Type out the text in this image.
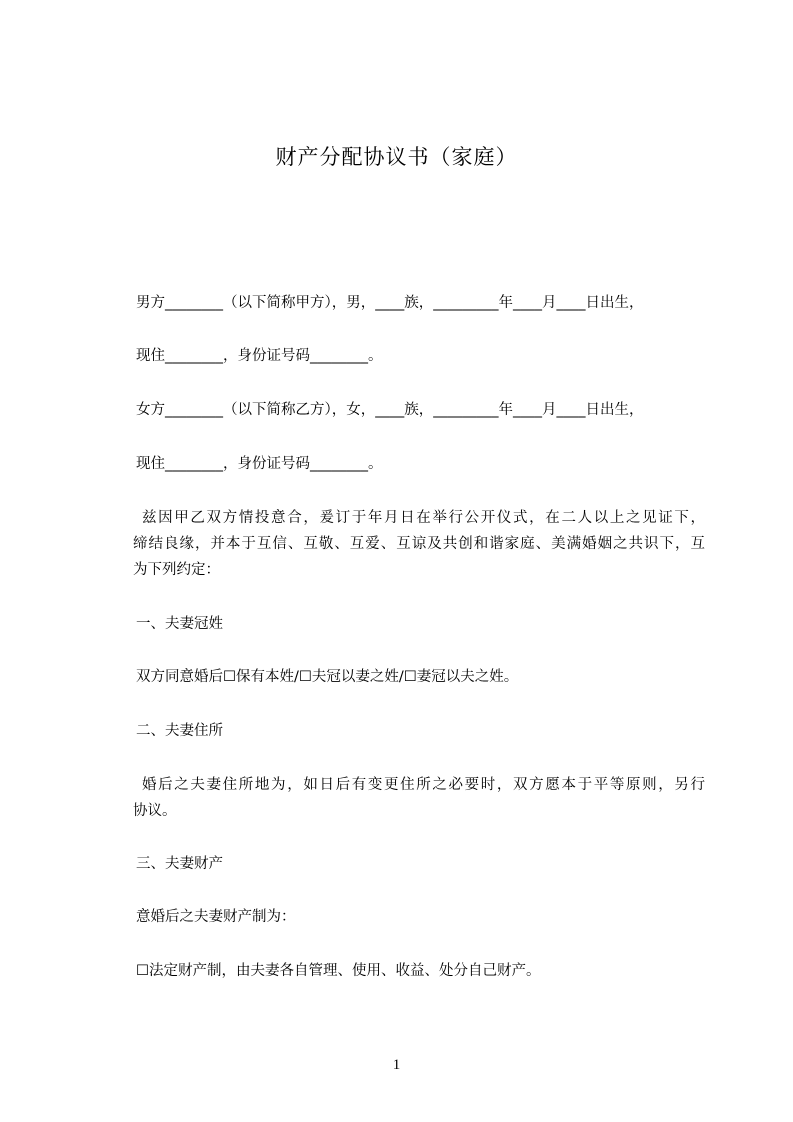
财产分配协议书（家庭）
男方________（以下简称甲方），男，____族，_________年____月____日出生，
现住________，身份证号码________。
女方________（以下简称乙方），女，____族，_________年____月____日出生，
现住________，身份证号码________。
兹因甲乙双方情投意合，爰订于年月日在举行公开仪式，在二人以上之见证下，
缔结良缘，并本于互信、互敬、互爱、互谅及共创和谐家庭、美满婚姻之共识下，互
为下列约定：
一、夫妻冠姓
双方同意婚后☐保有本姓/☐夫冠以妻之姓/☐妻冠以夫之姓。
二、夫妻住所
婚后之夫妻住所地为，如日后有变更住所之必要时，双方愿本于平等原则，另行
协议。
三、夫妻财产
意婚后之夫妻财产制为：
☐法定财产制，由夫妻各自管理、使用、收益、处分自己财产。
1
